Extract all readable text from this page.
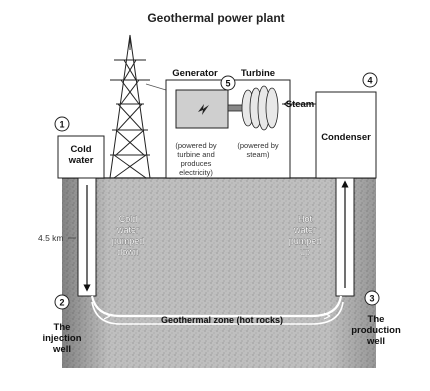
Geothermal power plant
Geothermal zone (hot rocks)
Cold
water
Generator Turbine
Steam
(powered by
turbine and
produces
electricity)
(powered by
steam)
Condenser
4.5 km
Cold
water
pumped
down
Hot
water
pumped
up
The
injection
well
The
production
well
1
2	3
4
5
